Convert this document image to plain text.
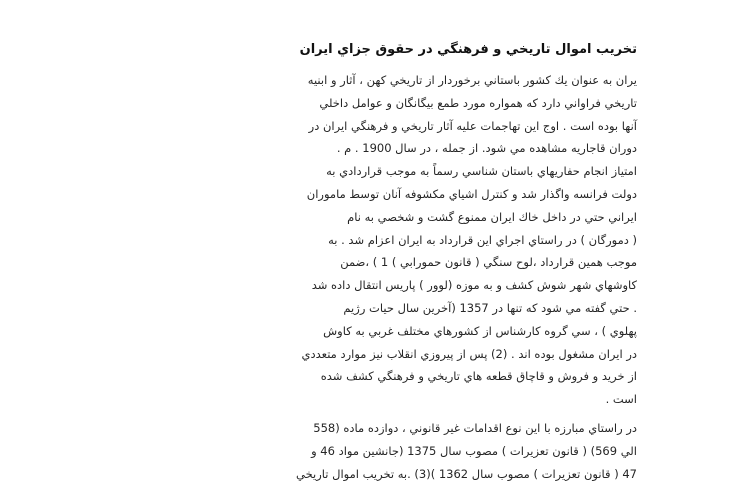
تخريب اموال تاريخي و فرهنگي در حقوق جزاي ايران
يران به عنوان يك كشور باستاني برخوردار از تاريخي كهن ، آثار و ابنيه
تاريخي فراواني دارد كه همواره مورد طمع بيگانگان و عوامل داخلي
آنها بوده است . اوج اين تهاجمات عليه آثار تاريخي و فرهنگي ايران در
دوران قاجاريه مشاهده مي شود. از جمله ، در سال 1900 . م .
امتياز انجام حفاريهاي باستان شناسي رسماً به موجب قراردادي به
دولت فرانسه واگذار شد و كنترل اشياي مكشوفه آنان توسط ماموران
ايراني حتي در داخل خاك ايران ممنوع گشت و شخصي به نام
( دمورگان ) در راستاي اجراي اين قرارداد به ايران اعزام شد . به
موجب همين قرارداد ،لوح سنگي ( قانون حمورابي ) 1 ) ،ضمن
كاوشهاي شهر شوش كشف و به موزه (لوور ) پاريس انتقال داده شد
. حتي گفته مي شود كه تنها در 1357 (آخرين سال حيات رژيم
پهلوي ) ، سي گروه كارشناس از كشورهاي مختلف غربي به كاوش
در ايران مشغول بوده اند . (2) پس از پيروزي انقلاب نيز موارد متعددي
از خريد و فروش و قاچاق قطعه هاي تاريخي و فرهنگي كشف شده
است .
در راستاي مبارزه با اين نوع اقدامات غير قانوني ، دوازده ماده (558
الي 569) ( قانون تعزيرات ) مصوب سال 1375 (جانشين مواد 46 و
47 ( قانون تعزيرات ) مصوب سال 1362 )(3) .به تخريب اموال تاريخي
